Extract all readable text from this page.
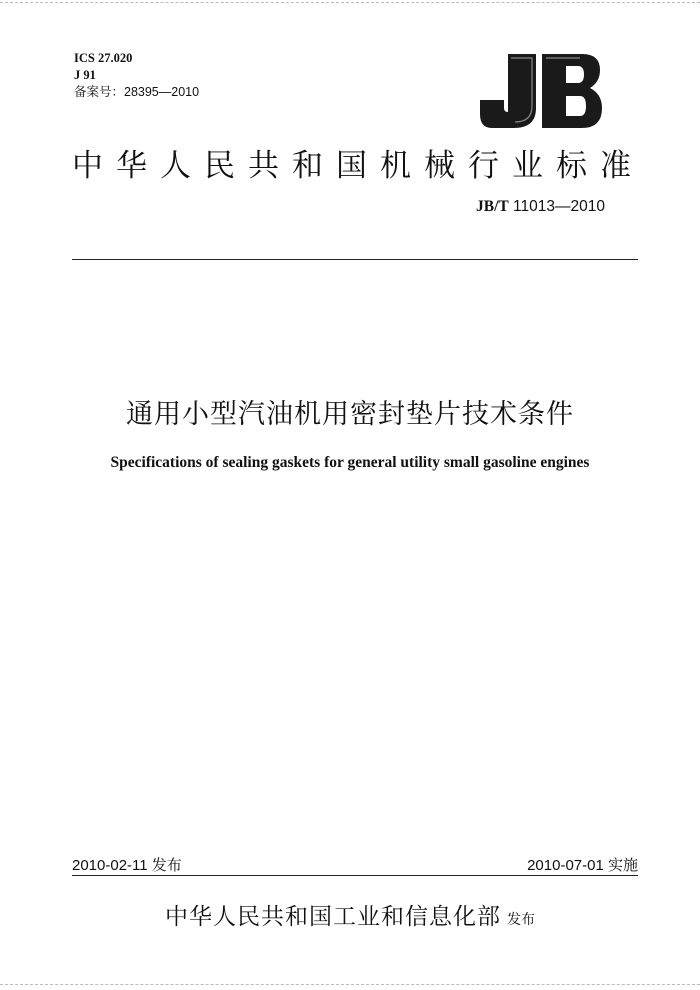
ICS 27.020
J 91
备案号：28395—2010
中华人民共和国机械行业标准
JB/T 11013—2010
通用小型汽油机用密封垫片技术条件
Specifications of sealing gaskets for general utility small gasoline engines
2010-02-11 发布	2010-07-01 实施
中华人民共和国工业和信息化部 发布
